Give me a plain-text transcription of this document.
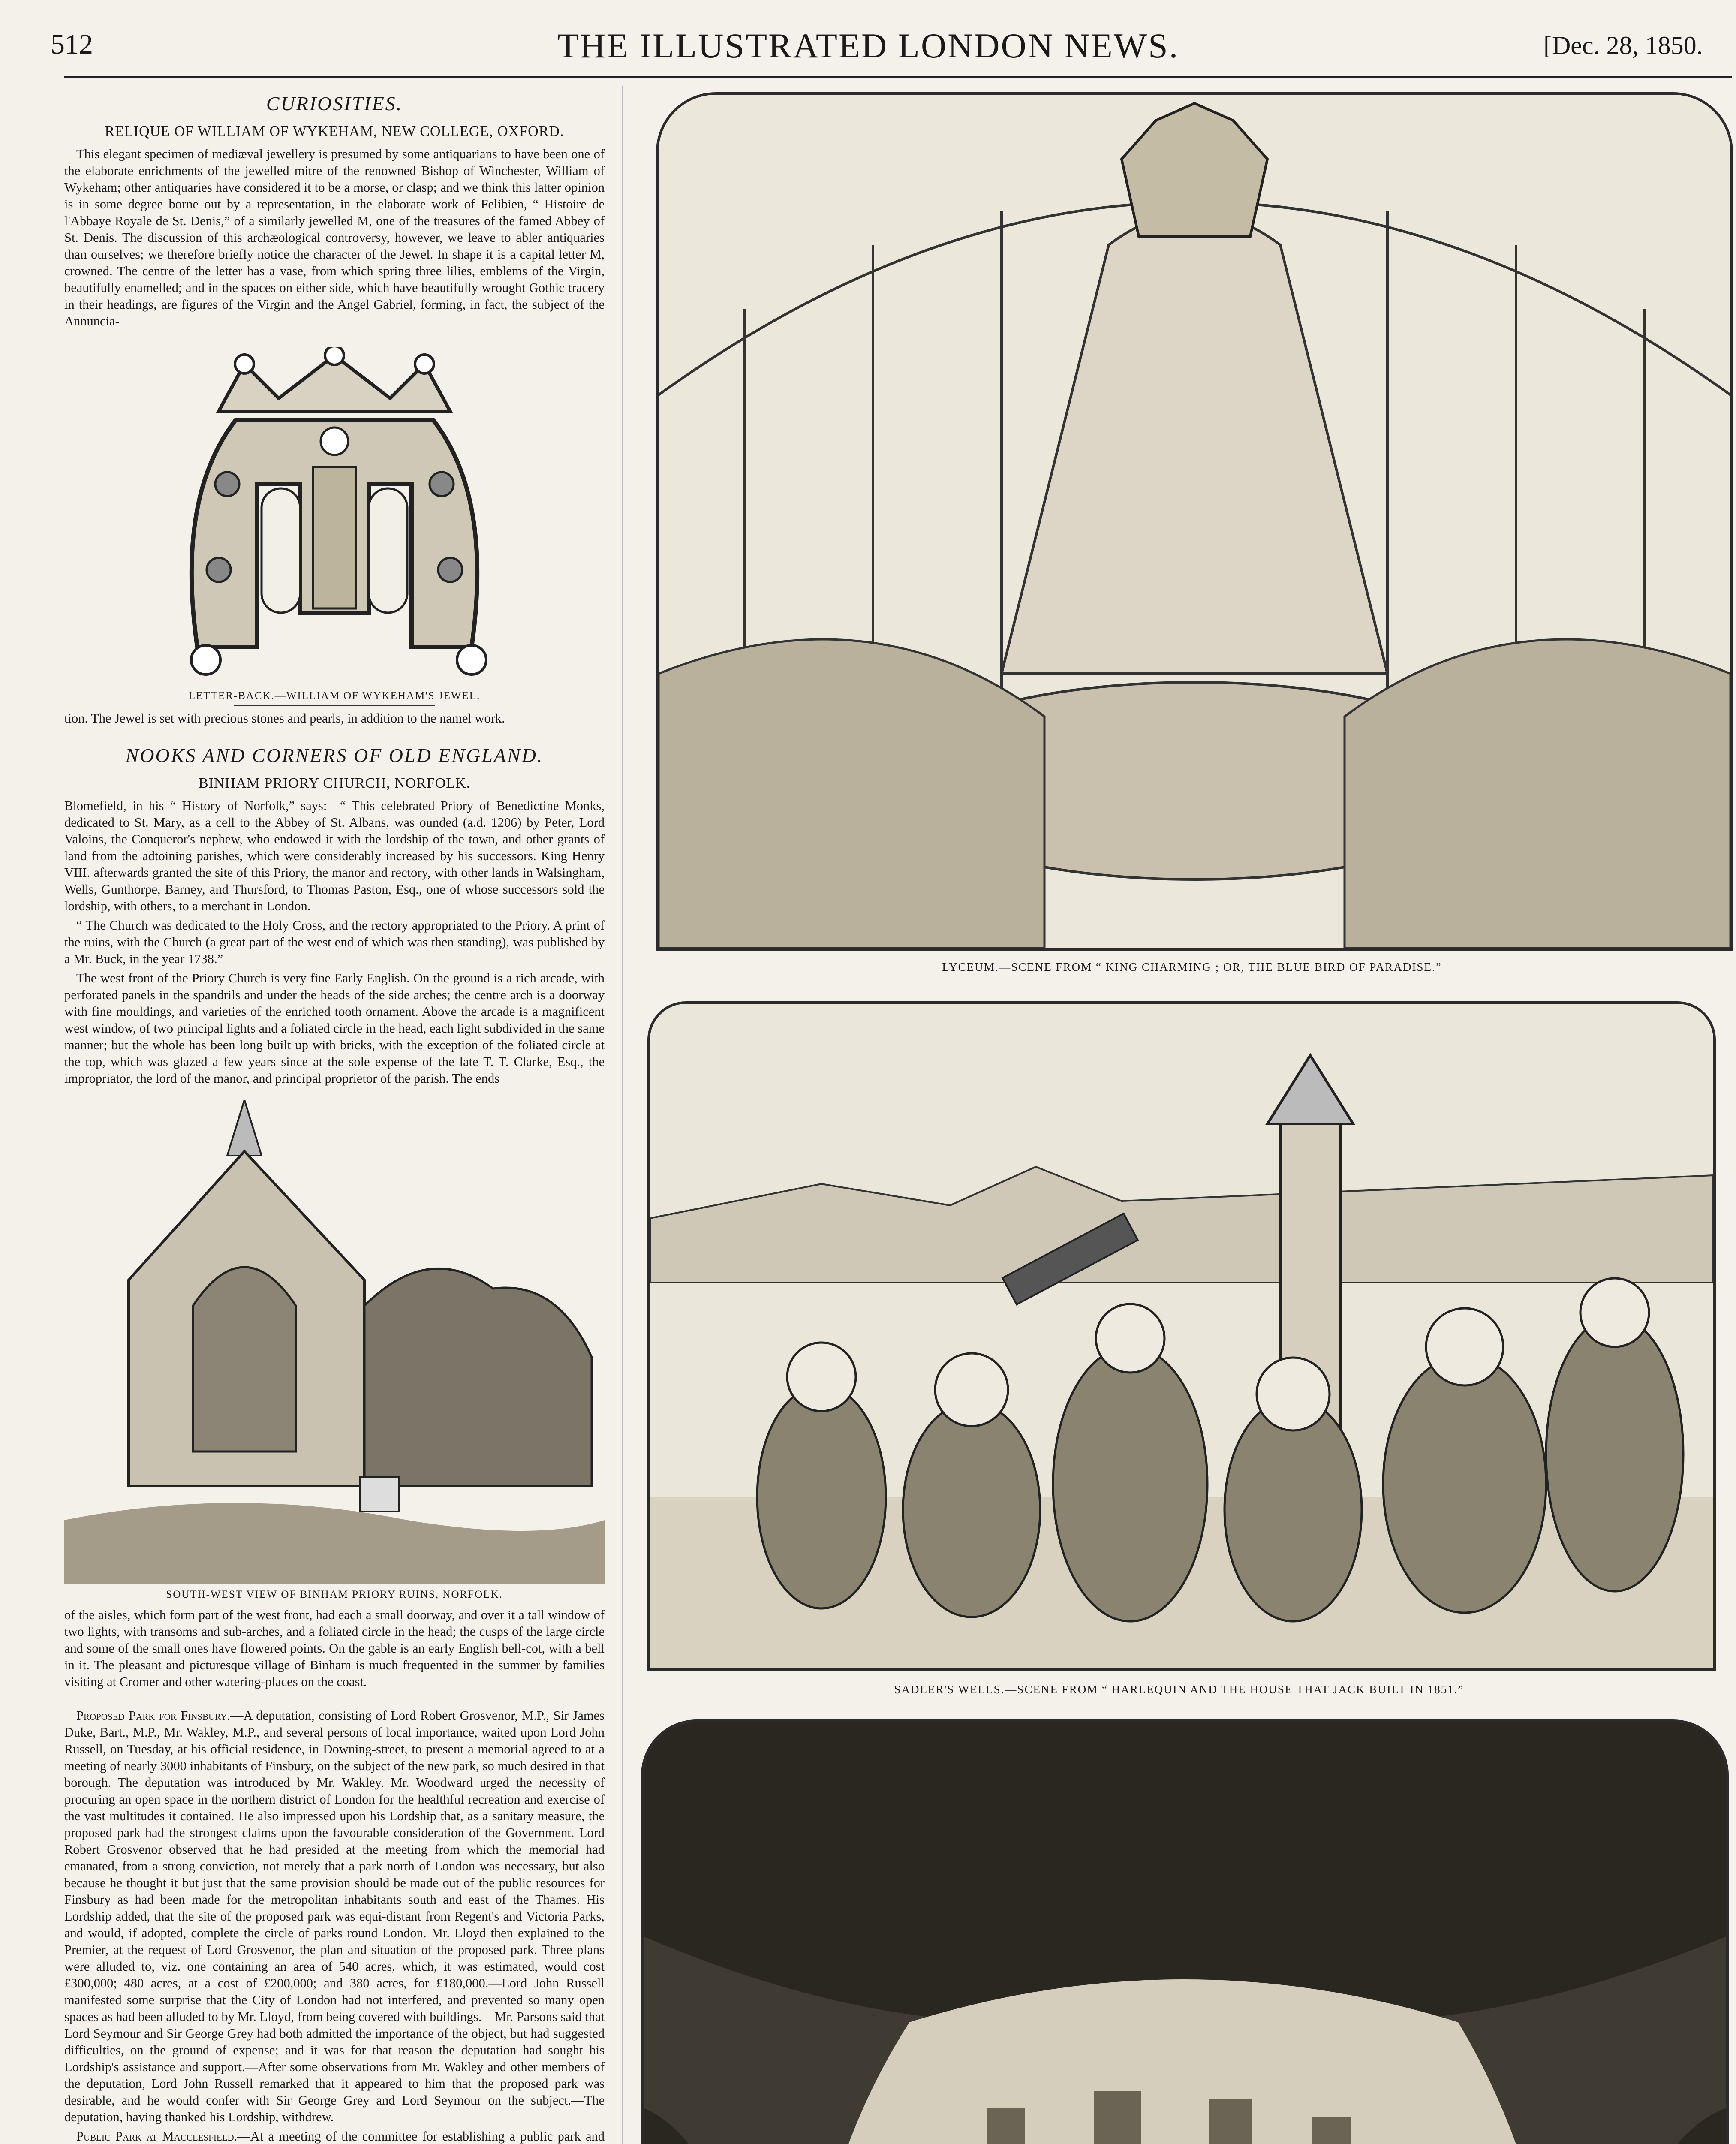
512	THE ILLUSTRATED LONDON NEWS.	[Dec. 28, 1850.
CURIOSITIES.
RELIQUE OF WILLIAM OF WYKEHAM, NEW COLLEGE, OXFORD.

This elegant specimen of mediæval jewellery is presumed by some antiquarians to have been one of the elaborate enrichments of the jewelled mitre of the renowned Bishop of Winchester, William of Wykeham; other antiquaries have considered it to be a morse, or clasp; and we think this latter opinion is in some degree borne out by a representation, in the elaborate work of Felibien, “ Histoire de l'Abbaye Royale de St. Denis,” of a similarly jewelled M, one of the treasures of the famed Abbey of St. Denis. The discussion of this archæological controversy, however, we leave to abler antiquaries than ourselves; we therefore briefly notice the character of the Jewel. In shape it is a capital letter M, crowned. The centre of the letter has a vase, from which spring three lilies, emblems of the Virgin, beautifully enamelled; and in the spaces on either side, which have beautifully wrought Gothic tracery in their headings, are figures of the Virgin and the Angel Gabriel, forming, in fact, the subject of the Annuncia-

LETTER-BACK.—WILLIAM OF WYKEHAM'S JEWEL.

tion. The Jewel is set with precious stones and pearls, in addition to the namel work.

NOOKS AND CORNERS OF OLD ENGLAND.
BINHAM PRIORY CHURCH, NORFOLK.

Blomefield, in his “ History of Norfolk,” says:—“ This celebrated Priory of Benedictine Monks, dedicated to St. Mary, as a cell to the Abbey of St. Albans, was ounded (a.d. 1206) by Peter, Lord Valoins, the Conqueror's nephew, who endowed it with the lordship of the town, and other grants of land from the adtoining parishes, which were considerably increased by his successors. King Henry VIII. afterwards granted the site of this Priory, the manor and rectory, with other lands in Walsingham, Wells, Gunthorpe, Barney, and Thursford, to Thomas Paston, Esq., one of whose successors sold the lordship, with others, to a merchant in London.

“ The Church was dedicated to the Holy Cross, and the rectory appropriated to the Priory. A print of the ruins, with the Church (a great part of the west end of which was then standing), was published by a Mr. Buck, in the year 1738.”

The west front of the Priory Church is very fine Early English. On the ground is a rich arcade, with perforated panels in the spandrils and under the heads of the side arches; the centre arch is a doorway with fine mouldings, and varieties of the enriched tooth ornament. Above the arcade is a magnificent west window, of two principal lights and a foliated circle in the head, each light subdivided in the same manner; but the whole has been long built up with bricks, with the exception of the foliated circle at the top, which was glazed a few years since at the sole expense of the late T. T. Clarke, Esq., the impropriator, the lord of the manor, and principal proprietor of the parish. The ends

SOUTH-WEST VIEW OF BINHAM PRIORY RUINS, NORFOLK.

of the aisles, which form part of the west front, had each a small doorway, and over it a tall window of two lights, with transoms and sub-arches, and a foliated circle in the head; the cusps of the large circle and some of the small ones have flowered points. On the gable is an early English bell-cot, with a bell in it. The pleasant and picturesque village of Binham is much frequented in the summer by families visiting at Cromer and other watering-places on the coast.

Proposed Park for Finsbury.—A deputation, consisting of Lord Robert Grosvenor, M.P., Sir James Duke, Bart., M.P., Mr. Wakley, M.P., and several persons of local importance, waited upon Lord John Russell, on Tuesday, at his official residence, in Downing-street, to present a memorial agreed to at a meeting of nearly 3000 inhabitants of Finsbury, on the subject of the new park, so much desired in that borough. The deputation was introduced by Mr. Wakley. Mr. Woodward urged the necessity of procuring an open space in the northern district of London for the healthful recreation and exercise of the vast multitudes it contained. He also impressed upon his Lordship that, as a sanitary measure, the proposed park had the strongest claims upon the favourable consideration of the Government. Lord Robert Grosvenor observed that he had presided at the meeting from which the memorial had emanated, from a strong conviction, not merely that a park north of London was necessary, but also because he thought it but just that the same provision should be made out of the public resources for Finsbury as had been made for the metropolitan inhabitants south and east of the Thames. His Lordship added, that the site of the proposed park was equi-distant from Regent's and Victoria Parks, and would, if adopted, complete the circle of parks round London. Mr. Lloyd then explained to the Premier, at the request of Lord Grosvenor, the plan and situation of the proposed park. Three plans were alluded to, viz. one containing an area of 540 acres, which, it was estimated, would cost £300,000; 480 acres, at a cost of £200,000; and 380 acres, for £180,000.—Lord John Russell manifested some surprise that the City of London had not interfered, and prevented so many open spaces as had been alluded to by Mr. Lloyd, from being covered with buildings.—Mr. Parsons said that Lord Seymour and Sir George Grey had both admitted the importance of the object, but had suggested difficulties, on the ground of expense; and it was for that reason the deputation had sought his Lordship's assistance and support.—After some observations from Mr. Wakley and other members of the deputation, Lord John Russell remarked that it appeared to him that the proposed park was desirable, and he would confer with Sir George Grey and Lord Seymour on the subject.—The deputation, having thanked his Lordship, withdrew.

Public Park at Macclesfield.—At a meeting of the committee for establishing a public park and

LYCEUM.—SCENE FROM “ KING CHARMING ; OR, THE BLUE BIRD OF PARADISE.”
SADLER'S WELLS.—SCENE FROM “ HARLEQUIN AND THE HOUSE THAT JACK BUILT IN 1851.”
